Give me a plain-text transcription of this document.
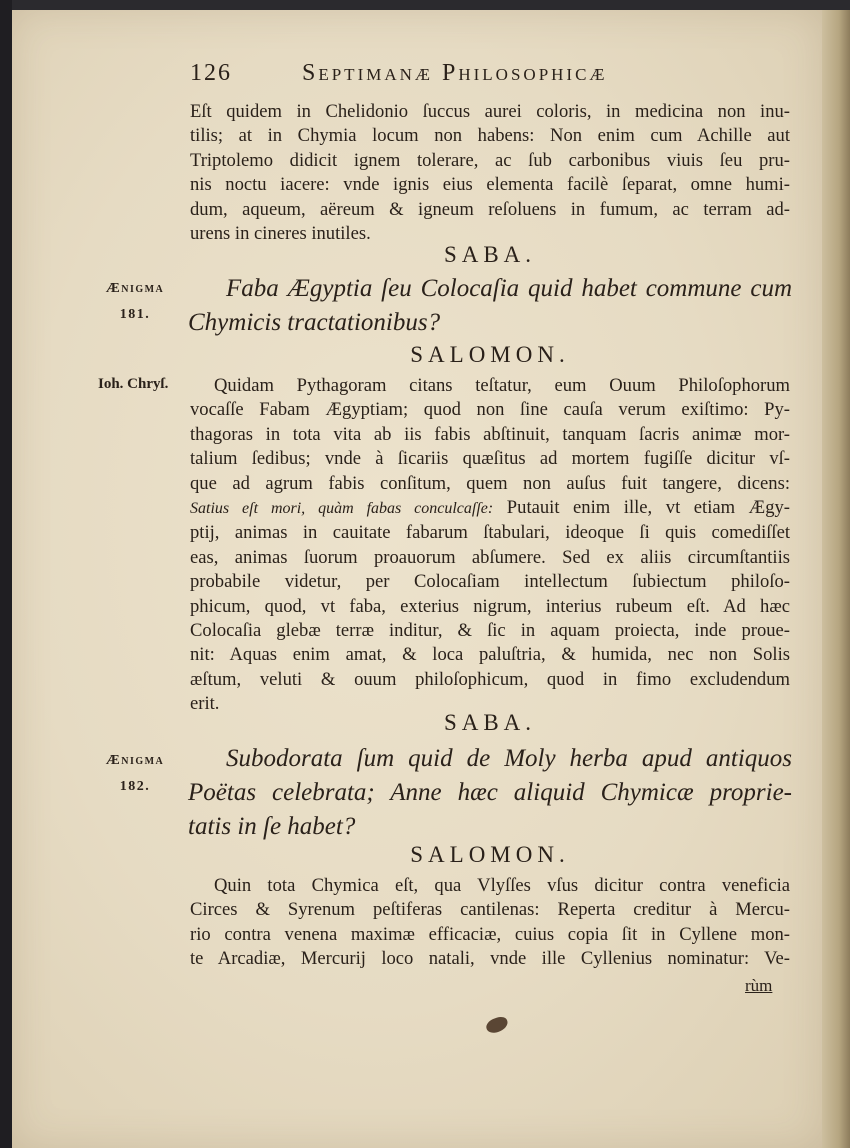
126	Septimanæ Philosophicæ
Eſt quidem in Chelidonio ſuccus aurei coloris, in medicina non inu-
tilis; at in Chymia locum non habens: Non enim cum Achille aut
Triptolemo didicit ignem tolerare, ac ſub carbonibus viuis ſeu pru-
nis noctu iacere: vnde ignis eius elementa facilè ſeparat, omne humi-
dum, aqueum, aëreum & igneum reſoluens in fumum, ac terram ad-
urens in cineres inutiles.
SABA.
Ænigma
181.
Faba Ægyptia ſeu Colocaſia quid habet commune cum
Chymicis tractationibus?
SALOMON.
Ioh. Chryſ.	Quidam Pythagoram citans teſtatur, eum Ouum Philoſophorum
vocaſſe Fabam Ægyptiam; quod non ſine cauſa verum exiſtimo: Py-
thagoras in tota vita ab iis fabis abſtinuit, tanquam ſacris animæ mor-
talium ſedibus; vnde à ſicariis quæſitus ad mortem fugiſſe dicitur vſ-
que ad agrum fabis conſitum, quem non auſus fuit tangere, dicens:
Satius eſt mori, quàm fabas conculcaſſe: Putauit enim ille, vt etiam Ægy-
ptij, animas in cauitate fabarum ſtabulari, ideoque ſi quis comediſſet
eas, animas ſuorum proauorum abſumere. Sed ex aliis circumſtantiis
probabile videtur, per Colocaſiam intellectum ſubiectum philoſo-
phicum, quod, vt faba, exterius nigrum, interius rubeum eſt. Ad hæc
Colocaſia glebæ terræ inditur, & ſic in aquam proiecta, inde proue-
nit: Aquas enim amat, & loca paluſtria, & humida, nec non Solis
æſtum, veluti & ouum philoſophicum, quod in fimo excludendum
erit.
SABA.
Ænigma
182.
Subodorata ſum quid de Moly herba apud antiquos
Poëtas celebrata; Anne hæc aliquid Chymicæ proprie-
tatis in ſe habet?
SALOMON.
Quin tota Chymica eſt, qua Vlyſſes vſus dicitur contra veneficia
Circes & Syrenum peſtiferas cantilenas: Reperta creditur à Mercu-
rio contra venena maximæ efficaciæ, cuius copia ſit in Cyllene mon-
te Arcadiæ, Mercurij loco natali, vnde ille Cyllenius nominatur: Ve-
rùm
